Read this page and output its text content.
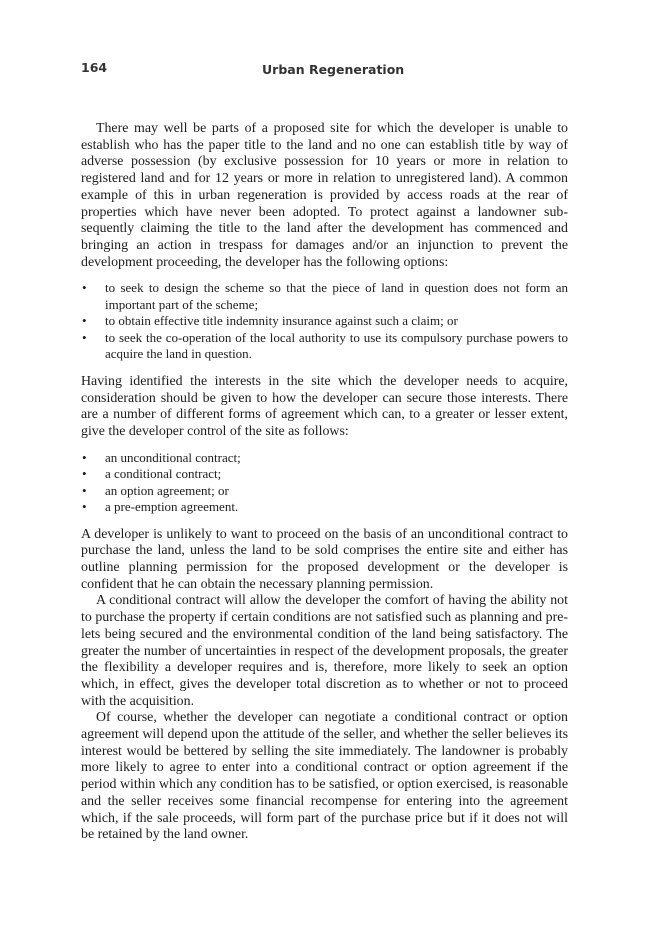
164	Urban Regeneration

There may well be parts of a proposed site for which the developer is unable to establish who has the paper title to the land and no one can establish title by way of adverse possession (by exclusive possession for 10 years or more in relation to registered land and for 12 years or more in relation to unregistered land). A common example of this in urban regeneration is provided by access roads at the rear of properties which have never been adopted. To protect against a landowner subsequently claiming the title to the land after the development has commenced and bringing an action in trespass for damages and/or an injunction to prevent the development proceeding, the developer has the following options:

• to seek to design the scheme so that the piece of land in question does not form an important part of the scheme;
• to obtain effective title indemnity insurance against such a claim; or
• to seek the co-operation of the local authority to use its compulsory purchase powers to acquire the land in question.

Having identified the interests in the site which the developer needs to acquire, consideration should be given to how the developer can secure those interests. There are a number of different forms of agreement which can, to a greater or lesser extent, give the developer control of the site as follows:

• an unconditional contract;
• a conditional contract;
• an option agreement; or
• a pre-emption agreement.

A developer is unlikely to want to proceed on the basis of an unconditional contract to purchase the land, unless the land to be sold comprises the entire site and either has outline planning permission for the proposed development or the developer is confident that he can obtain the necessary planning permission.

A conditional contract will allow the developer the comfort of having the ability not to purchase the property if certain conditions are not satisfied such as planning and pre-lets being secured and the environmental condition of the land being satisfactory. The greater the number of uncertainties in respect of the development proposals, the greater the flexibility a developer requires and is, therefore, more likely to seek an option which, in effect, gives the developer total discretion as to whether or not to proceed with the acquisition.

Of course, whether the developer can negotiate a conditional contract or option agreement will depend upon the attitude of the seller, and whether the seller believes its interest would be bettered by selling the site immediately. The landowner is probably more likely to agree to enter into a conditional contract or option agreement if the period within which any condition has to be satisfied, or option exercised, is reasonable and the seller receives some financial recompense for entering into the agreement which, if the sale proceeds, will form part of the purchase price but if it does not will be retained by the land owner.
